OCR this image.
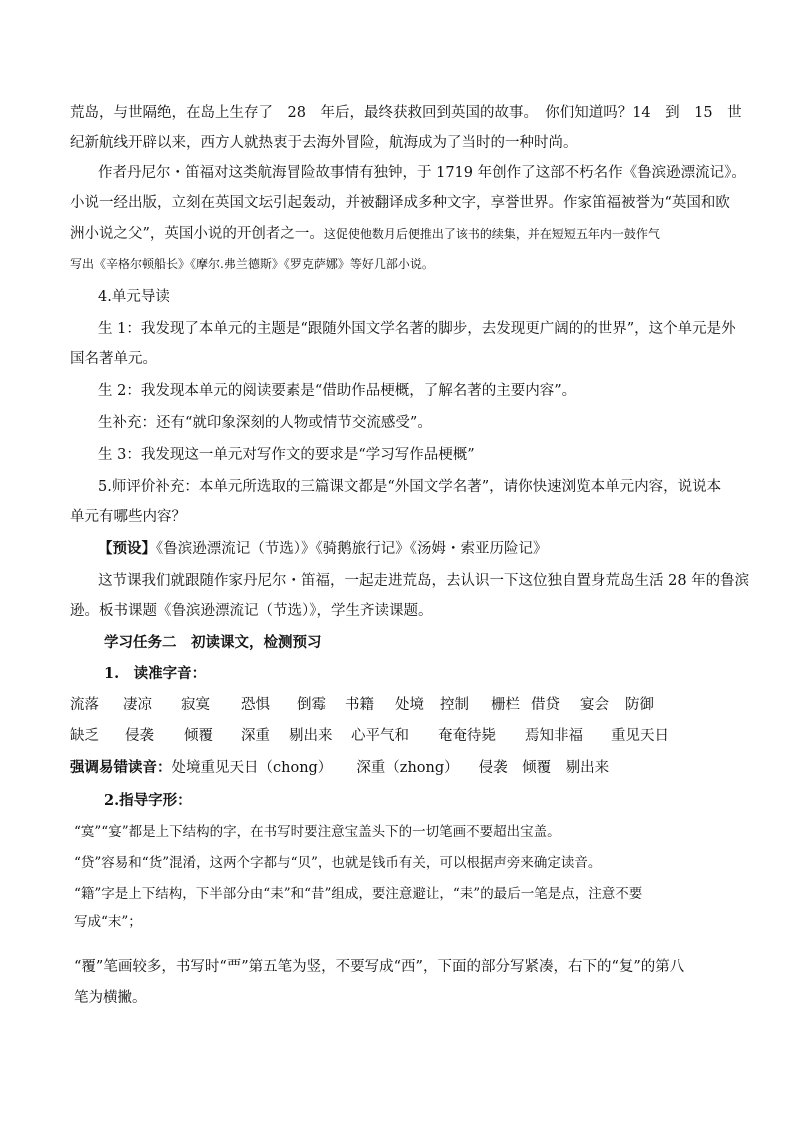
荒岛，与世隔绝，在岛上生存了　28　年后，最终获救回到英国的故事。　你们知道吗？14　到　15　世
纪新航线开辟以来，西方人就热衷于去海外冒险，航海成为了当时的一种时尚。
作者丹尼尔・笛福对这类航海冒险故事情有独钟，于 1719 年创作了这部不朽名作《鲁滨逊漂流记》。
小说一经出版，立刻在英国文坛引起轰动，并被翻译成多种文字，享誉世界。作家笛福被誉为“英国和欧
洲小说之父”，英国小说的开创者之一。这促使他数月后便推出了该书的续集，并在短短五年内一鼓作气
写出《辛格尔顿船长》《摩尔.弗兰德斯》《罗克萨娜》等好几部小说。
4.单元导读
生 1：我发现了本单元的主题是“跟随外国文学名著的脚步，去发现更广阔的的世界”，这个单元是外
国名著单元。
生 2：我发现本单元的阅读要素是“借助作品梗概，了解名著的主要内容”。
生补充：还有“就印象深刻的人物或情节交流感受”。
生 3：我发现这一单元对写作文的要求是“学习写作品梗概”
5.师评价补充：本单元所选取的三篇课文都是“外国文学名著”，请你快速浏览本单元内容，说说本
单元有哪些内容？
【预设】《鲁滨逊漂流记（节选）》《骑鹅旅行记》《汤姆・索亚历险记》
这节课我们就跟随作家丹尼尔・笛福，一起走进荒岛，去认识一下这位独自置身荒岛生活 28 年的鲁滨
逊。板书课题《鲁滨逊漂流记（节选）》，学生齐读课题。
学习任务二　初读课文，检测预习
1.　读准字音：
流落 凄凉 寂寞 恐惧 倒霉 书籍 处境 控制 栅栏 借贷 宴会 防御
缺乏 侵袭 倾覆 深重 剔出来 心平气和 奄奄待毙 焉知非福 重见天日
强调易错读音：处境重见天日（chong） 深重（zhong） 侵袭　倾覆　剔出来
2.指导字形：
“寞”“宴”都是上下结构的字，在书写时要注意宝盖头下的一切笔画不要超出宝盖。
“贷”容易和“货”混淆，这两个字都与“贝”，也就是钱币有关，可以根据声旁来确定读音。
“籍”字是上下结构，下半部分由“耒”和“昔”组成，要注意避让，“耒”的最后一笔是点，注意不要
写成“末”；
“覆”笔画较多，书写时“覀”第五笔为竖，不要写成“西”，下面的部分写紧凑，右下的“复”的第八
笔为横撇。
